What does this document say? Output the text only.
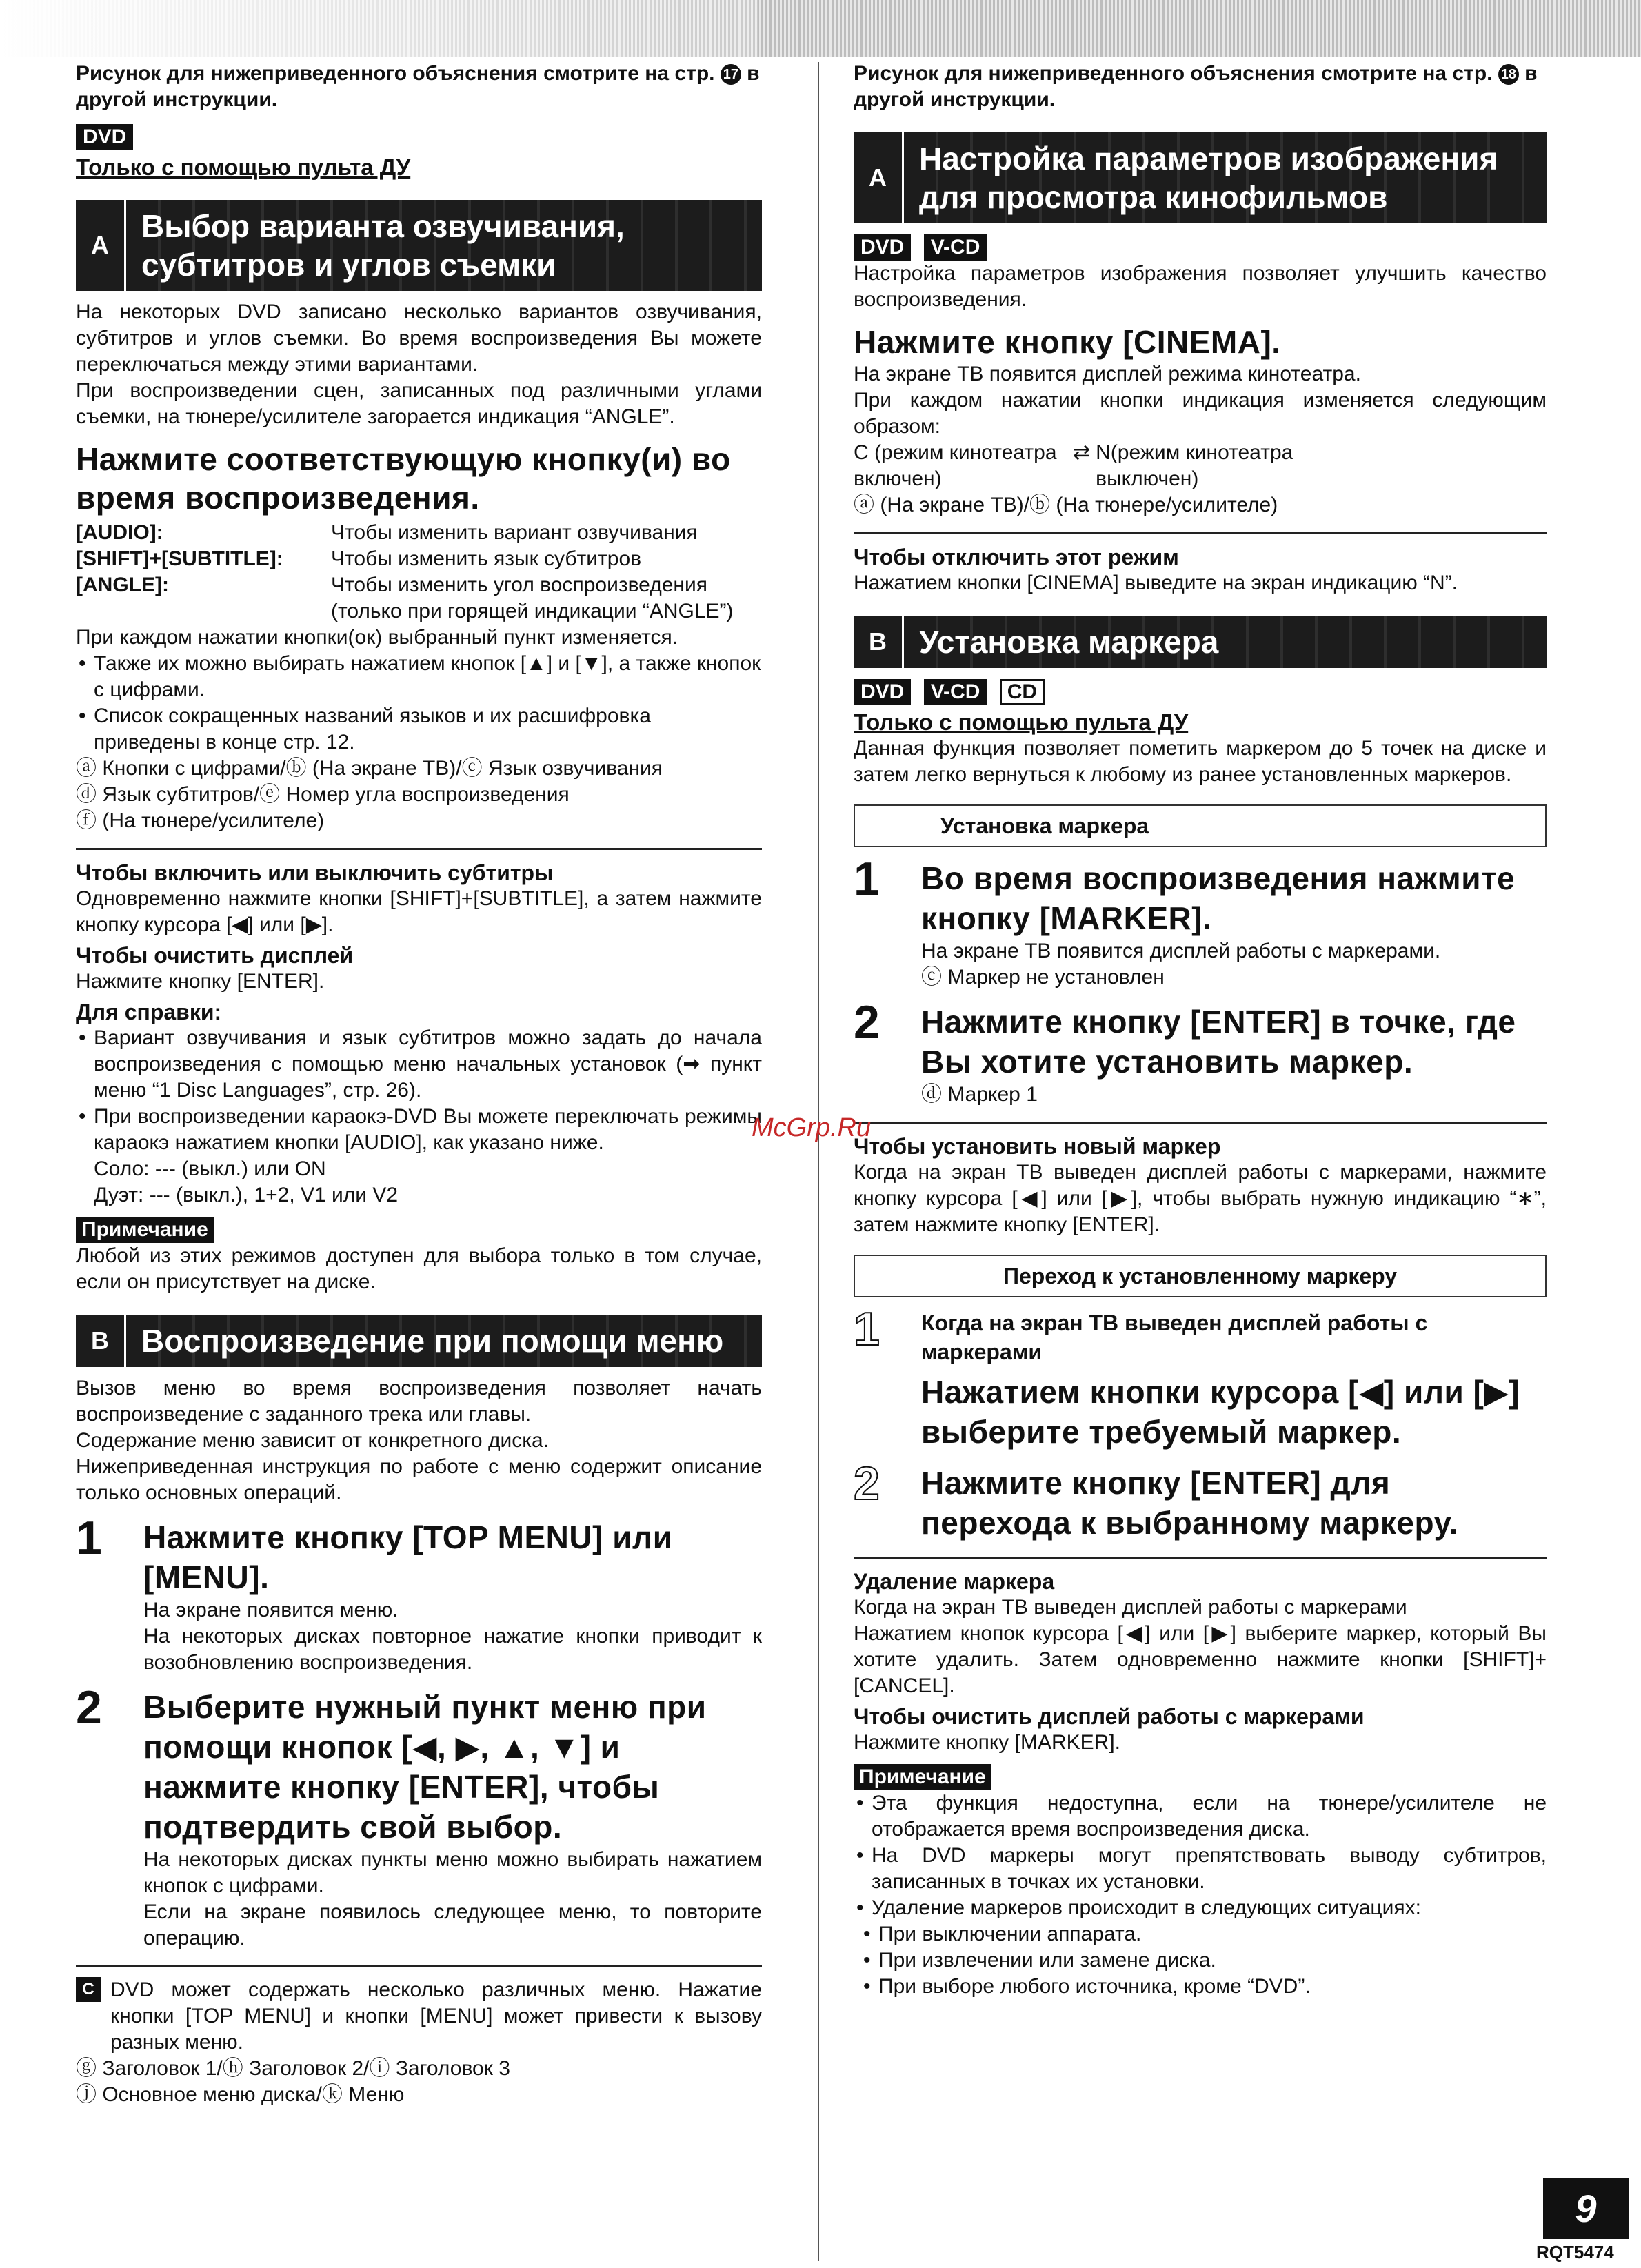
Рисунок для нижеприведенного объяснения смотрите на стр. 17 в другой инструкции.

DVD

Только с помощью пульта ДУ

A
Выбор варианта озвучивания, субтитров и углов съемки

На некоторых DVD записано несколько вариантов озвучивания, субтитров и углов съемки. Во время воспроизведения Вы можете переключаться между этими вариантами.

При воспроизведении сцен, записанных под различными углами съемки, на тюнере/усилителе загорается индикация “ANGLE”.

Нажмите соответствующую кнопку(и) во время воспроизведения.

[AUDIO]:	Чтобы изменить вариант озвучивания
[SHIFT]+[SUBTITLE]:	Чтобы изменить язык субтитров
[ANGLE]:	Чтобы изменить угол воспроизведения (только при горящей индикации “ANGLE”)

При каждом нажатии кнопки(ок) выбранный пункт изменяется.

• Также их можно выбирать нажатием кнопок [▲] и [▼], а также кнопок с цифрами.

• Список сокращенных названий языков и их расшифровка приведены в конце стр. 12.

ⓐ Кнопки с цифрами/ⓑ (На экране ТВ)/ⓒ Язык озвучивания

ⓓ Язык субтитров/ⓔ Номер угла воспроизведения

ⓕ (На тюнере/усилителе)

Чтобы включить или выключить субтитры

Одновременно нажмите кнопки [SHIFT]+[SUBTITLE], а затем нажмите кнопку курсора [◀] или [▶].

Чтобы очистить дисплей

Нажмите кнопку [ENTER].

Для справки:

• Вариант озвучивания и язык субтитров можно задать до начала воспроизведения с помощью меню начальных установок (➡ пункт меню “1 Disc Languages”, стр. 26).

• При воспроизведении караокэ-DVD Вы можете переключать режимы караокэ нажатием кнопки [AUDIO], как указано ниже.

Соло: --- (выкл.) или ON

Дуэт: --- (выкл.), 1+2, V1 или V2

Примечание

Любой из этих режимов доступен для выбора только в том случае, если он присутствует на диске.

B	Воспроизведение при помощи меню

Вызов меню во время воспроизведения позволяет начать воспроизведение с заданного трека или главы.

Содержание меню зависит от конкретного диска.

Нижеприведенная инструкция по работе с меню содержит описание только основных операций.

1	Нажмите кнопку [TOP MENU] или [MENU].

На экране появится меню.

На некоторых дисках повторное нажатие кнопки приводит к возобновлению воспроизведения.

2	Выберите нужный пункт меню при помощи кнопок [◀, ▶, ▲, ▼] и нажмите кнопку [ENTER], чтобы подтвердить свой выбор.

На некоторых дисках пункты меню можно выбирать нажатием кнопок с цифрами.

Если на экране появилось следующее меню, то повторите операцию.

C DVD может содержать несколько различных меню. Нажатие кнопки [TOP MENU] и кнопки [MENU] может привести к вызову разных меню.

ⓖ Заголовок 1/ⓗ Заголовок 2/ⓘ Заголовок 3

ⓙ Основное меню диска/ⓚ Меню

Рисунок для нижеприведенного объяснения смотрите на стр. 18 в другой инструкции.

A
Настройка параметров изображения для просмотра кинофильмов
DVD V-CD

Настройка параметров изображения позволяет улучшить качество воспроизведения.

Нажмите кнопку [CINEMA].

На экране ТВ появится дисплей режима кинотеатра.

При каждом нажатии кнопки индикация изменяется следующим образом:

C (режим кинотеатра включен)
⇄ N(режим кинотеатра выключен)

ⓐ (На экране ТВ)/ⓑ (На тюнере/усилителе)

Чтобы отключить этот режим

Нажатием кнопки [CINEMA] выведите на экран индикацию “N”.

B	Установка маркера
DVD V-CD CD

Только с помощью пульта ДУ

Данная функция позволяет пометить маркером до 5 точек на диске и затем легко вернуться к любому из ранее установленных маркеров.

Установка маркера
1	Во время воспроизведения нажмите кнопку [MARKER].

На экране ТВ появится дисплей работы с маркерами.

ⓒ Маркер не установлен

2	Нажмите кнопку [ENTER] в точке, где Вы хотите установить маркер.

ⓓ Маркер 1

Чтобы установить новый маркер

Когда на экран ТВ выведен дисплей работы с маркерами, нажмите кнопку курсора [◀] или [▶], чтобы выбрать нужную индикацию “∗”, затем нажмите кнопку [ENTER].

Переход к установленному маркеру
1	Когда на экран ТВ выведен дисплей работы с маркерами

Нажатием кнопки курсора [◀] или [▶] выберите требуемый маркер.

2	Нажмите кнопку [ENTER] для перехода к выбранному маркеру.

Удаление маркера

Когда на экран ТВ выведен дисплей работы с маркерами

Нажатием кнопок курсора [◀] или [▶] выберите маркер, который Вы хотите удалить. Затем одновременно нажмите кнопки [SHIFT]+[CANCEL].

Чтобы очистить дисплей работы с маркерами

Нажмите кнопку [MARKER].

Примечание

• Эта функция недоступна, если на тюнере/усилителе не отображается время воспроизведения диска.

• На DVD маркеры могут препятствовать выводу субтитров, записанных в точках их установки.

• Удаление маркеров происходит в следующих ситуациях:

• При выключении аппарата.

• При извлечении или замене диска.

• При выборе любого источника, кроме “DVD”.

McGrp.Ru
9
RQT5474
